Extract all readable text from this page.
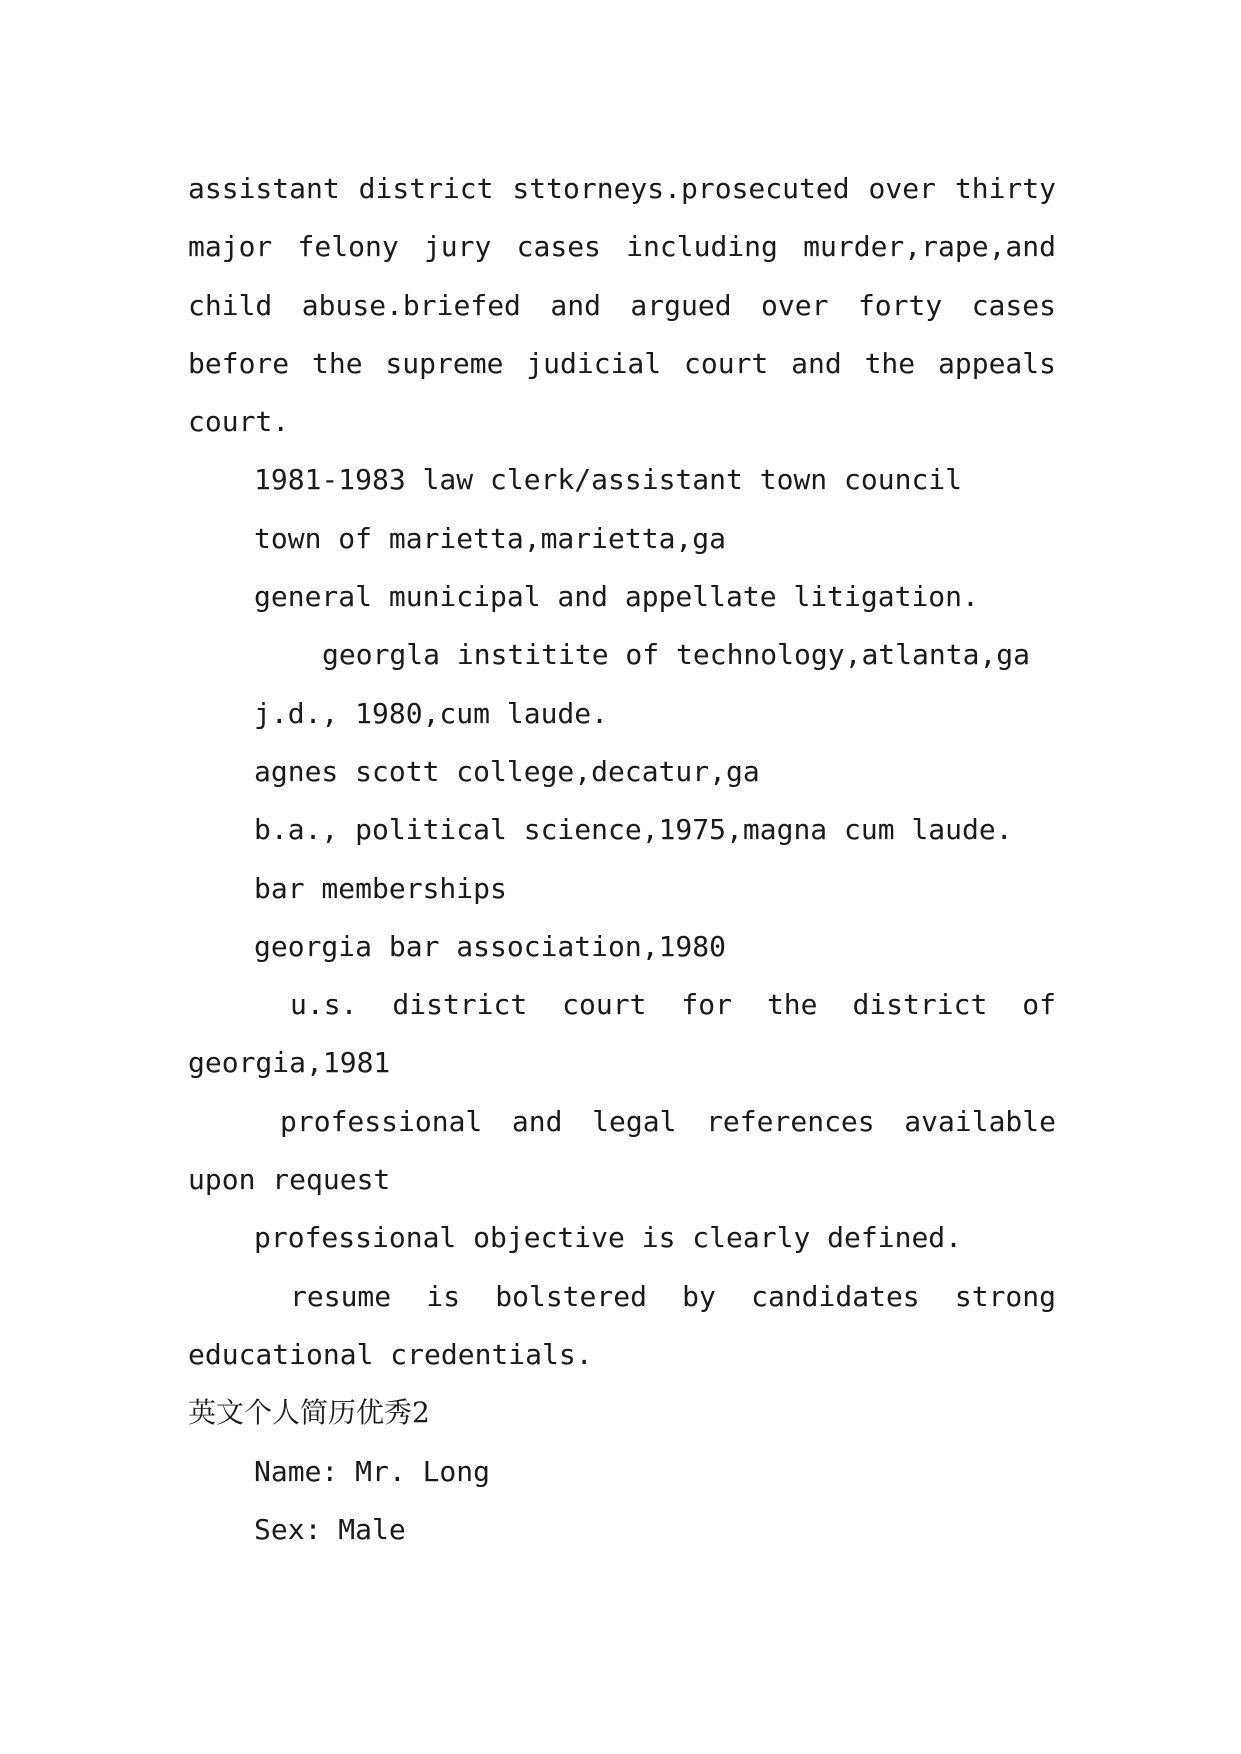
assistant district sttorneys.prosecuted over thirty
major felony jury cases including murder,rape,and
child abuse.briefed and argued over forty cases
before the supreme judicial court and the appeals
court.
1981-1983 law clerk/assistant town council
town of marietta,marietta,ga
general municipal and appellate litigation.
georgla institite of technology,atlanta,ga
j.d., 1980,cum laude.
agnes scott college,decatur,ga
b.a., political science,1975,magna cum laude.
bar memberships
georgia bar association,1980
u.s. district court for the district of
georgia,1981
professional and legal references available
upon request
professional objective is clearly defined.
resume is bolstered by candidates strong
educational credentials.
英文个人简历优秀2
Name: Mr. Long
Sex: Male
